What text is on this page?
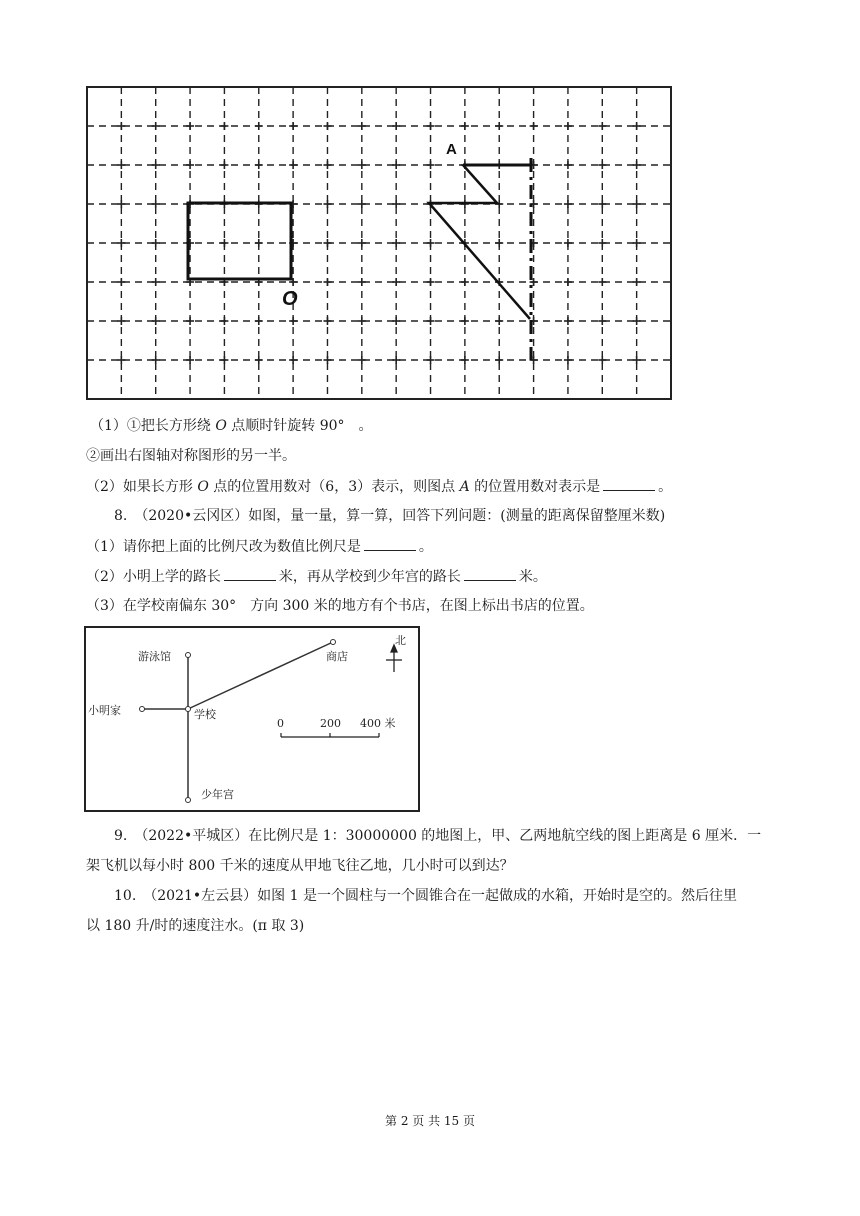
A
O
（1）①把长方形绕 O 点顺时针旋转 90°　。
②画出右图轴对称图形的另一半。
（2）如果长方形 O 点的位置用数对（6，3）表示，则图点 A 的位置用数对表示是	。
8.　（2020•云冈区）如图，量一量，算一算，回答下列问题：(测量的距离保留整厘米数)
（1）请你把上面的比例尺改为数值比例尺是	。
（2）小明上学的路长	米，再从学校到少年宫的路长	米。
（3）在学校南偏东 30°　方向 300 米的地方有个书店，在图上标出书店的位置。
游泳馆	商店
小明家	学校
少年宫
北
0	200 400 米
9.　（2022•平城区）在比例尺是 1：30000000 的地图上，甲、乙两地航空线的图上距离是 6 厘米．一
架飞机以每小时 800 千米的速度从甲地飞往乙地，几小时可以到达？
10.　（2021•左云县）如图 1 是一个圆柱与一个圆锥合在一起做成的水箱，开始时是空的。然后往里
以 180 升/时的速度注水。(π 取 3)
第 2 页 共 15 页
